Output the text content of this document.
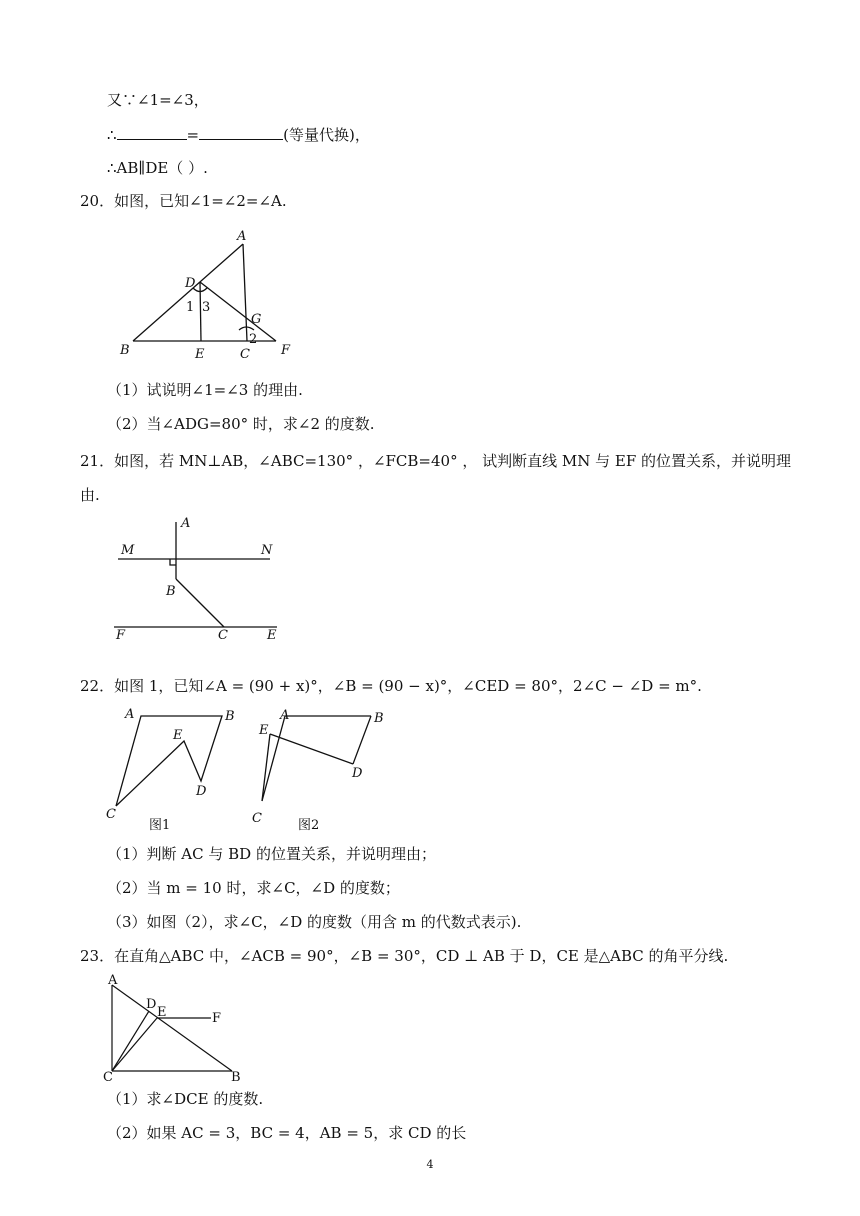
又∵∠1=∠3，
∴	=	(等量代换)，
∴AB∥DE（ ）.
20．如图，已知∠1=∠2=∠A.
A
D
1 3
G
2
B	E	C F
（1）试说明∠1=∠3 的理由.
（2）当∠ADG=80° 时，求∠2 的度数.
21．如图，若 MN⊥AB，∠ABC=130° ，∠FCB=40° ， 试判断直线 MN 与 EF 的位置关系，并说明理
由.
A
M	N
B
F	C	E
22．如图 1，已知∠A = (90 + x)°，∠B = (90 − x)°，∠CED = 80°，2∠C − ∠D = m°.
A	B
E
D
C
图1
A	B
E
D
C	图2
（1）判断 AC 与 BD 的位置关系，并说明理由；
（2）当 m = 10 时，求∠C，∠D 的度数；
（3）如图（2），求∠C，∠D 的度数（用含 m 的代数式表示).
23．在直角△ABC 中，∠ACB = 90°，∠B = 30°，CD ⊥ AB 于 D，CE 是△ABC 的角平分线.
A
D
E	F
C	B
（1）求∠DCE 的度数.
（2）如果 AC = 3，BC = 4，AB = 5，求 CD 的长
4
